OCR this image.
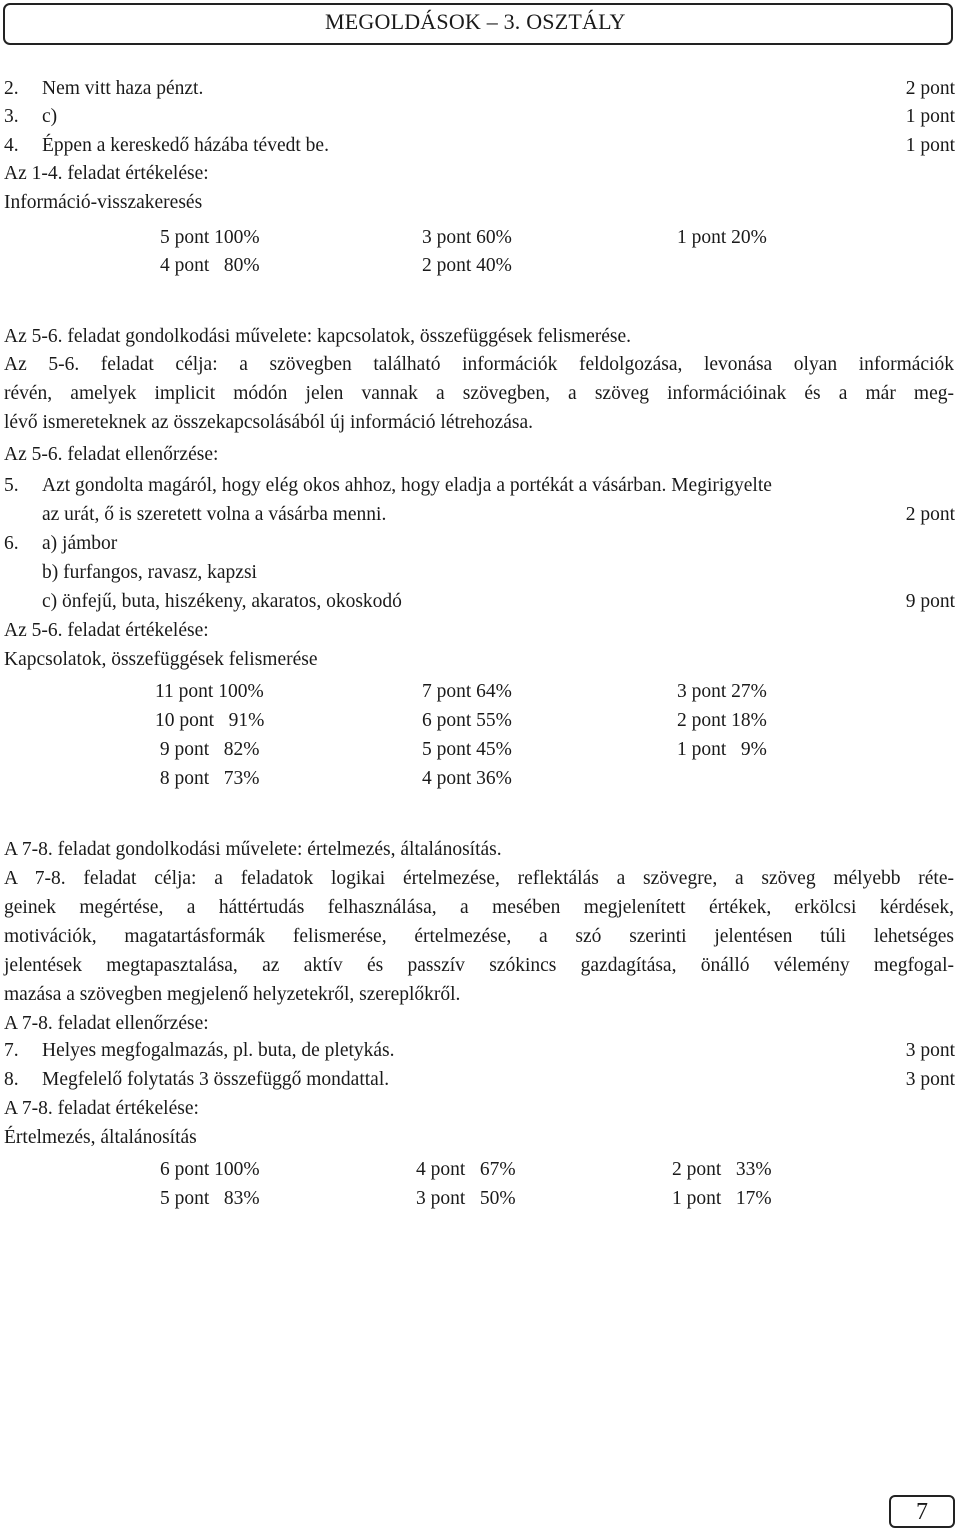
MEGOLDÁSOK – 3. OSZTÁLY
2. Nem vitt haza pénzt.	2 pont
3. c)	1 pont
4. Éppen a kereskedő házába tévedt be.	1 pont
Az 1-4. feladat értékelése:
Információ-visszakeresés
5 pont 100%	3 pont 60%	1 pont 20%
4 pont   80%	2 pont 40%
Az 5-6. feladat gondolkodási művelete: kapcsolatok, összefüggések felismerése.
Az 5-6. feladat célja: a szövegben található információk feldolgozása, levonása olyan információk
révén, amelyek implicit módón jelen vannak a szövegben, a szöveg információinak és a már meg-
lévő ismereteknek az összekapcsolásából új információ létrehozása.
Az 5-6. feladat ellenőrzése:
5. Azt gondolta magáról, hogy elég okos ahhoz, hogy eladja a portékát a vásárban. Megirigyelte
az urát, ő is szeretett volna a vásárba menni.	2 pont
6. a) jámbor
b) furfangos, ravasz, kapzsi
c) önfejű, buta, hiszékeny, akaratos, okoskodó	9 pont
Az 5-6. feladat értékelése:
Kapcsolatok, összefüggések felismerése
11 pont 100%	7 pont 64%	3 pont 27%
10 pont   91%	6 pont 55%	2 pont 18%
9 pont   82%	5 pont 45%	1 pont   9%
8 pont   73%	4 pont 36%
A 7-8. feladat gondolkodási művelete: értelmezés, általánosítás.
A 7-8. feladat célja: a feladatok logikai értelmezése, reflektálás a szövegre, a szöveg mélyebb réte-
geinek megértése, a háttértudás felhasználása, a mesében megjelenített értékek, erkölcsi kérdések,
motivációk, magatartásformák felismerése, értelmezése, a szó szerinti jelentésen túli lehetséges
jelentések megtapasztalása, az aktív és passzív szókincs gazdagítása, önálló vélemény megfogal-
mazása a szövegben megjelenő helyzetekről, szereplőkről.
A 7-8. feladat ellenőrzése:
7. Helyes megfogalmazás, pl. buta, de pletykás.	3 pont
8. Megfelelő folytatás 3 összefüggő mondattal.	3 pont
A 7-8. feladat értékelése:
Értelmezés, általánosítás
6 pont 100%	4 pont   67%	2 pont   33%
5 pont   83%	3 pont   50%	1 pont   17%
7
